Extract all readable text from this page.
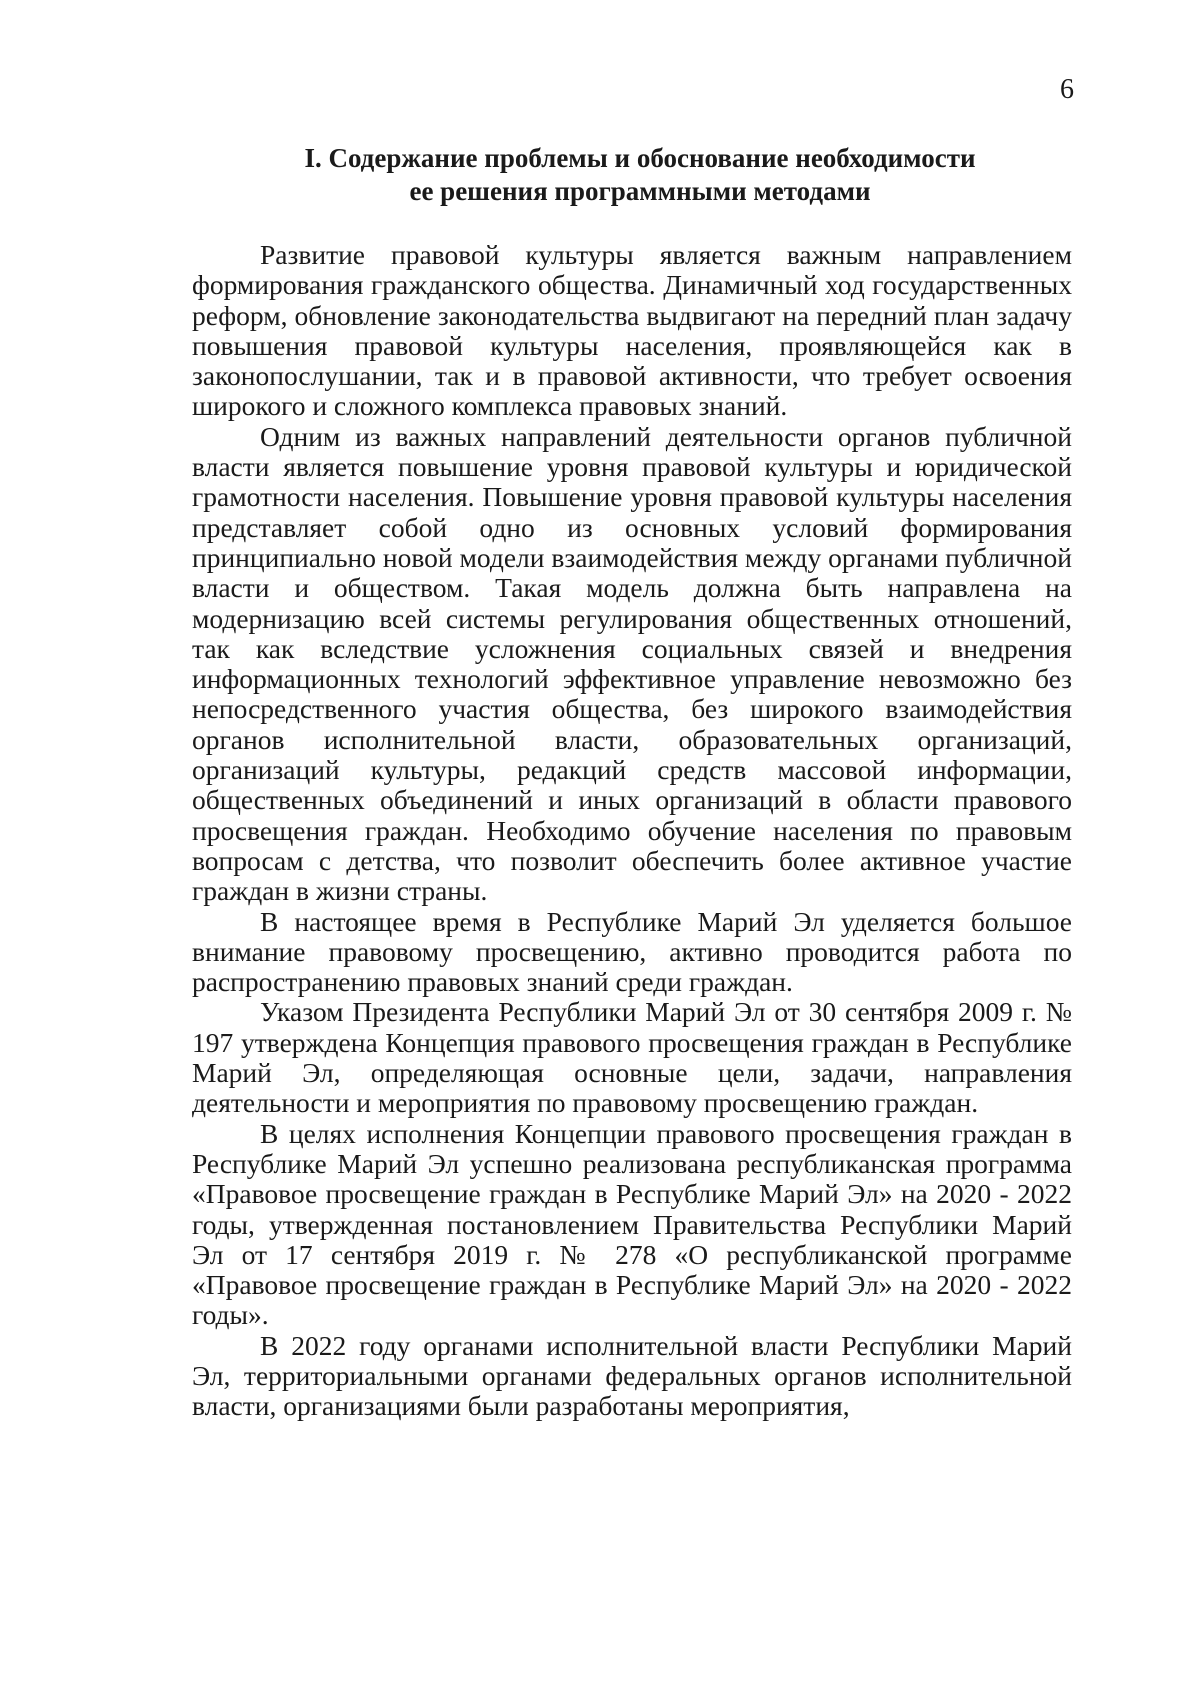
6
I. Содержание проблемы и обоснование необходимости
ее решения программными методами

Развитие правовой культуры является важным направлением формирования гражданского общества. Динамичный ход государственных реформ, обновление законодательства выдвигают на передний план задачу повышения правовой культуры населения, проявляющейся как в законопослушании, так и в правовой активности, что требует освоения широкого и сложного комплекса правовых знаний.

Одним из важных направлений деятельности органов публичной власти является повышение уровня правовой культуры и юридической грамотности населения. Повышение уровня правовой культуры населения представляет собой одно из основных условий формирования принципиально новой модели взаимодействия между органами публичной власти и обществом. Такая модель должна быть направлена на модернизацию всей системы регулирования общественных отношений, так как вследствие усложнения социальных связей и внедрения информационных технологий эффективное управление невозможно без непосредственного участия общества, без широкого взаимодействия органов исполнительной власти, образовательных организаций, организаций культуры, редакций средств массовой информации, общественных объединений и иных организаций в области правового просвещения граждан. Необходимо обучение населения по правовым вопросам с детства, что позволит обеспечить более активное участие граждан в жизни страны.

В настоящее время в Республике Марий Эл уделяется большое внимание правовому просвещению, активно проводится работа по распространению правовых знаний среди граждан.

Указом Президента Республики Марий Эл от 30 сентября 2009 г. № 197 утверждена Концепция правового просвещения граждан в Республике Марий Эл, определяющая основные цели, задачи, направления деятельности и мероприятия по правовому просвещению граждан.

В целях исполнения Концепции правового просвещения граждан в Республике Марий Эл успешно реализована республиканская программа «Правовое просвещение граждан в Республике Марий Эл» на 2020 - 2022 годы, утвержденная постановлением Правительства Республики Марий Эл от 17 сентября 2019 г. № 278 «О республиканской программе «Правовое просвещение граждан в Республике Марий Эл» на 2020 - 2022 годы».

В 2022 году органами исполнительной власти Республики Марий Эл, территориальными органами федеральных органов исполнительной власти, организациями были разработаны мероприятия,
